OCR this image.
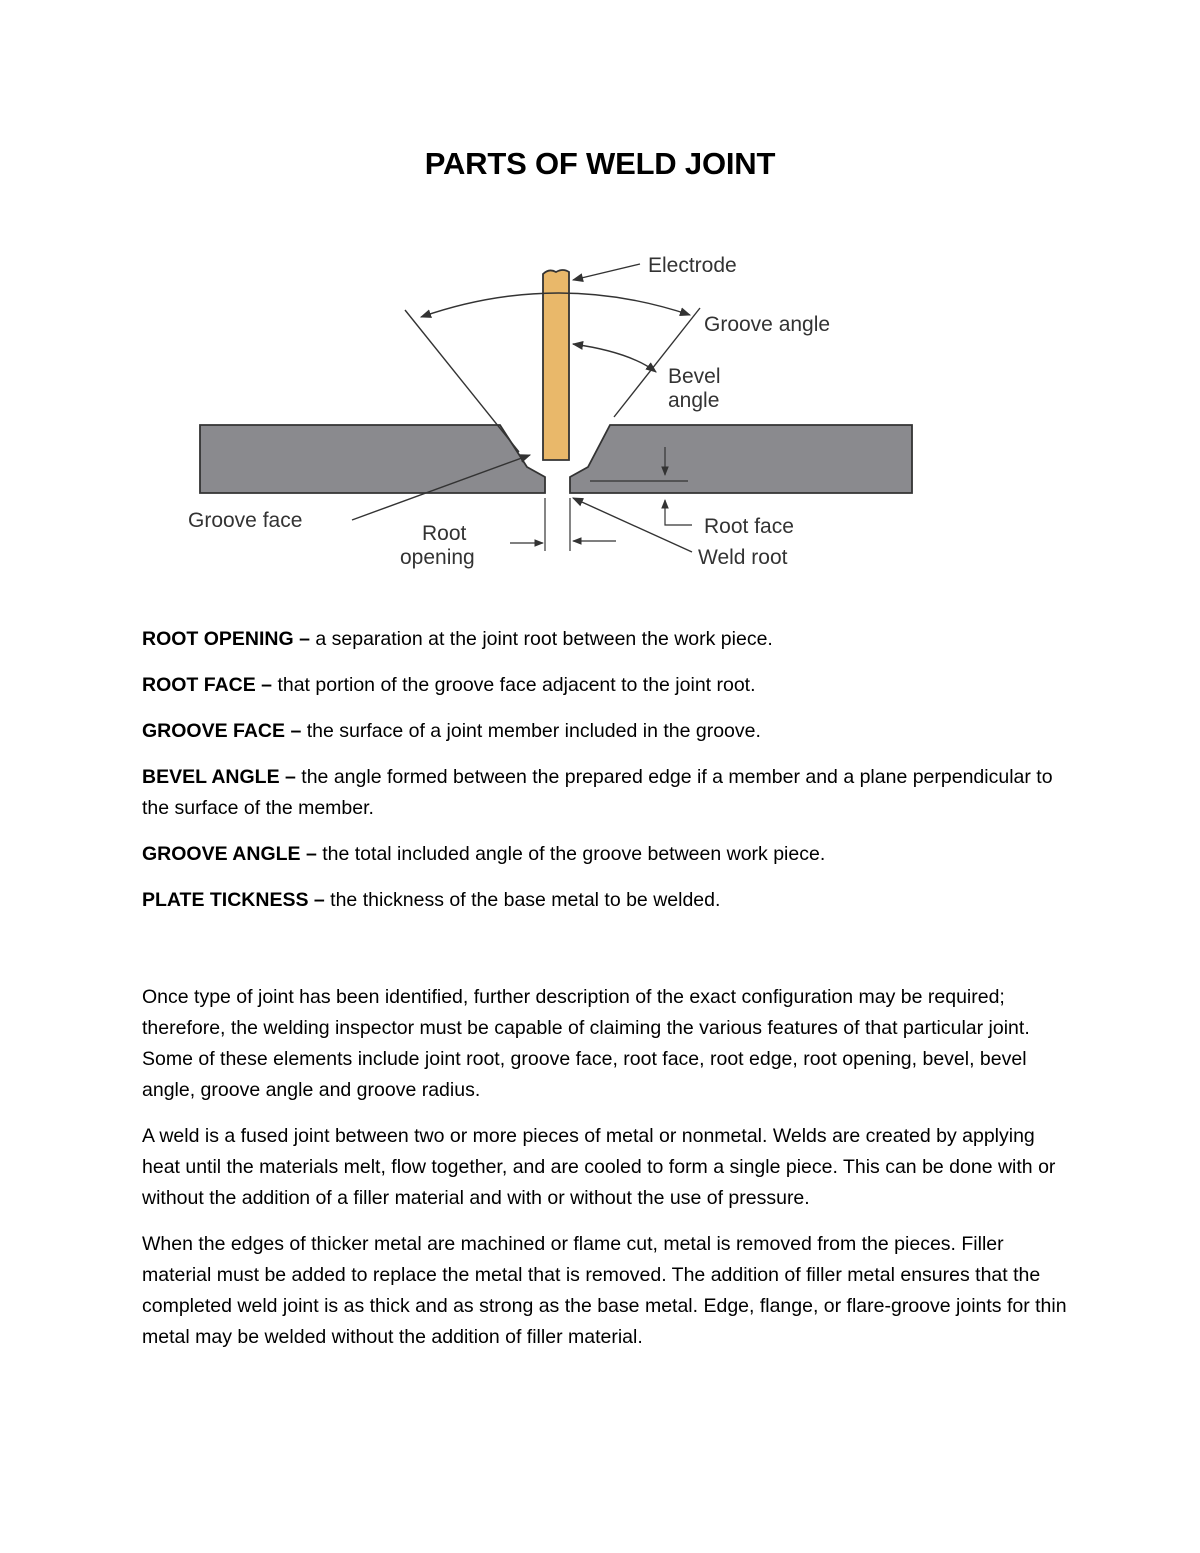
PARTS OF WELD JOINT
Electrode
Groove angle
Bevel
angle
Groove face
Root
opening
Root face
Weld root

ROOT OPENING – a separation at the joint root between the work piece.

ROOT FACE – that portion of the groove face adjacent to the joint root.

GROOVE FACE – the surface of a joint member included in the groove.

BEVEL ANGLE – the angle formed between the prepared edge if a member and a plane perpendicular to the surface of the member.

GROOVE ANGLE – the total included angle of the groove between work piece.

PLATE TICKNESS – the thickness of the base metal to be welded.

Once type of joint has been identified, further description of the exact configuration may be required; therefore, the welding inspector must be capable of claiming the various features of that particular joint. Some of these elements include joint root, groove face, root face, root edge, root opening, bevel, bevel angle, groove angle and groove radius.

A weld is a fused joint between two or more pieces of metal or nonmetal. Welds are created by applying heat until the materials melt, flow together, and are cooled to form a single piece. This can be done with or without the addition of a filler material and with or without the use of pressure.

When the edges of thicker metal are machined or flame cut, metal is removed from the pieces. Filler material must be added to replace the metal that is removed. The addition of filler metal ensures that the completed weld joint is as thick and as strong as the base metal. Edge, flange, or flare-groove joints for thin metal may be welded without the addition of filler material.
